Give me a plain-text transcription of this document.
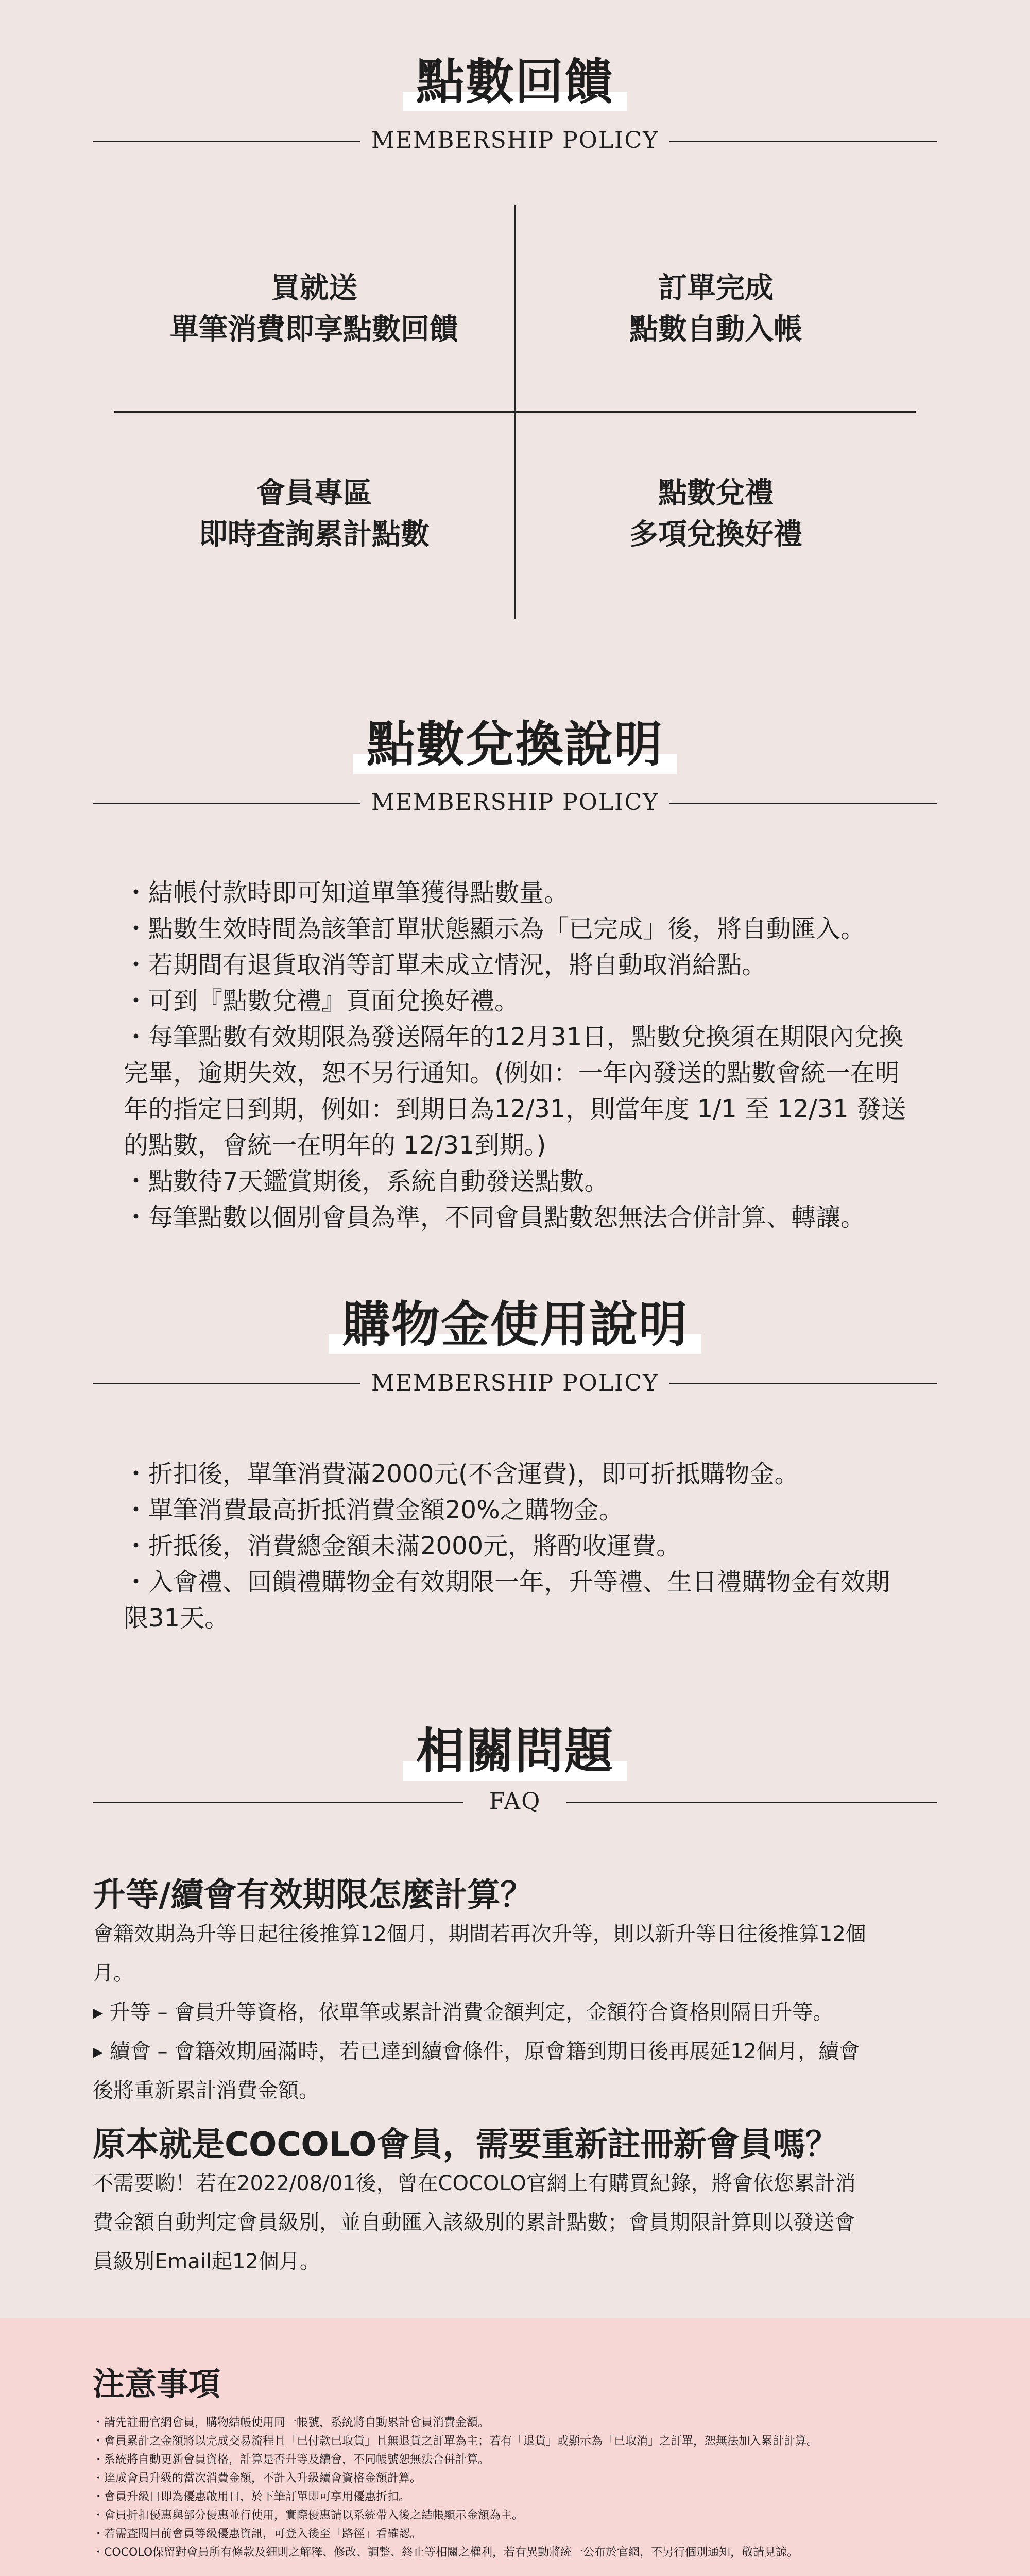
點數回饋
MEMBERSHIP POLICY
買就送
單筆消費即享點數回饋
訂單完成
點數自動入帳
會員專區
即時查詢累計點數
點數兌禮
多項兌換好禮
點數兌換說明
MEMBERSHIP POLICY
・結帳付款時即可知道單筆獲得點數量。
・點數生效時間為該筆訂單狀態顯示為「已完成」後，將自動匯入。
・若期間有退貨取消等訂單未成立情況，將自動取消給點。
・可到『點數兌禮』頁面兌換好禮。
・每筆點數有效期限為發送隔年的12月31日，點數兌換須在期限內兌換
完畢，逾期失效，恕不另行通知。(例如：一年內發送的點數會統一在明
年的指定日到期，例如：到期日為12/31，則當年度 1/1 至 12/31 發送
的點數，會統一在明年的 12/31到期。)
・點數待7天鑑賞期後，系統自動發送點數。
・每筆點數以個別會員為準，不同會員點數恕無法合併計算、轉讓。
購物金使用說明
MEMBERSHIP POLICY
・折扣後，單筆消費滿2000元(不含運費)，即可折抵購物金。
・單筆消費最高折抵消費金額20%之購物金。
・折抵後，消費總金額未滿2000元，將酌收運費。
・入會禮、回饋禮購物金有效期限一年，升等禮、生日禮購物金有效期
限31天。
相關問題
FAQ
升等/續會有效期限怎麼計算？
會籍效期為升等日起往後推算12個月，期間若再次升等，則以新升等日往後推算12個
月。
▸ 升等 – 會員升等資格，依單筆或累計消費金額判定，金額符合資格則隔日升等。
▸ 續會 – 會籍效期屆滿時，若已達到續會條件，原會籍到期日後再展延12個月，續會
後將重新累計消費金額。
原本就是COCOLO會員，需要重新註冊新會員嗎？
不需要喲！若在2022/08/01後，曾在COCOLO官網上有購買紀錄，將會依您累計消
費金額自動判定會員級別，並自動匯入該級別的累計點數；會員期限計算則以發送會
員級別Email起12個月。
注意事項
・請先註冊官網會員，購物結帳使用同一帳號，系統將自動累計會員消費金額。
・會員累計之金額將以完成交易流程且「已付款已取貨」且無退貨之訂單為主；若有「退貨」或顯示為「已取消」之訂單，恕無法加入累計計算。
・系統將自動更新會員資格，計算是否升等及續會，不同帳號恕無法合併計算。
・達成會員升級的當次消費金額，不計入升級續會資格金額計算。
・會員升級日即為優惠啟用日，於下筆訂單即可享用優惠折扣。
・會員折扣優惠與部分優惠並行使用，實際優惠請以系統帶入後之結帳顯示金額為主。
・若需查閱目前會員等級優惠資訊，可登入後至「路徑」看確認。
・COCOLO保留對會員所有條款及細則之解釋、修改、調整、終止等相關之權利，若有異動將統一公布於官網，不另行個別通知，敬請見諒。
